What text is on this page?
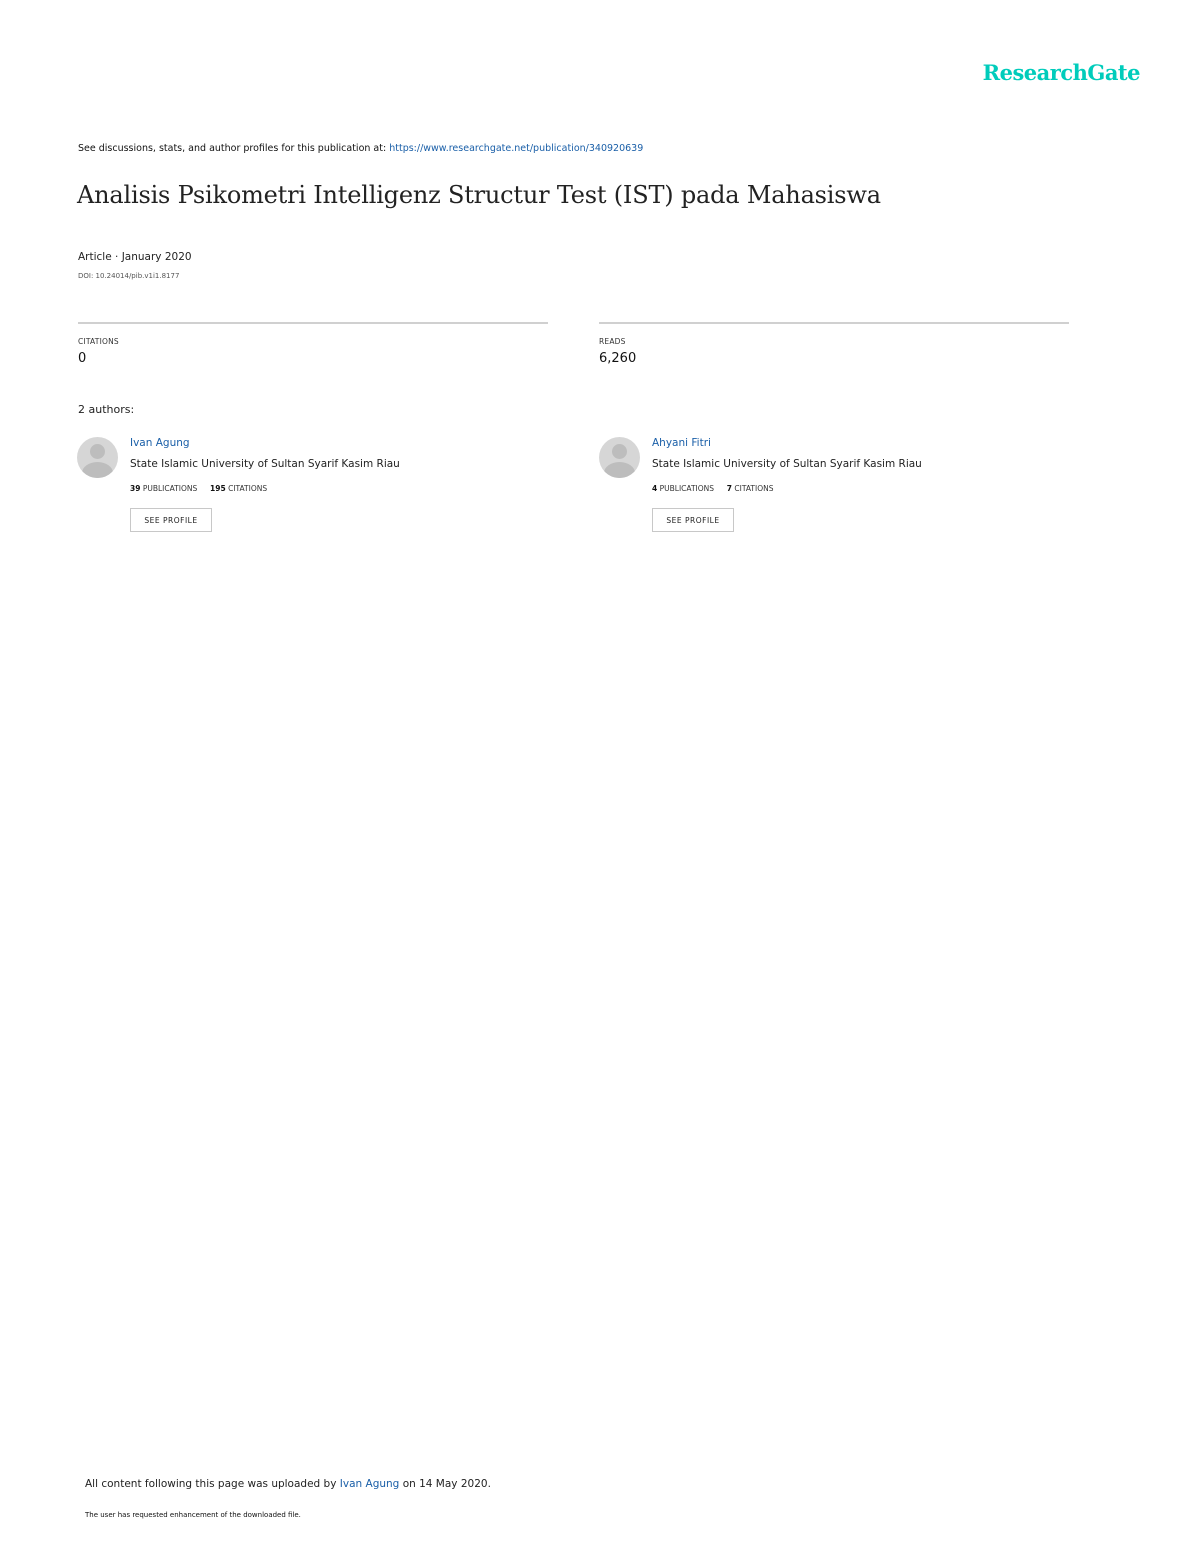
ResearchGate
See discussions, stats, and author profiles for this publication at: https://www.researchgate.net/publication/340920639
Analisis Psikometri Intelligenz Structur Test (IST) pada Mahasiswa
Article · January 2020
DOI: 10.24014/pib.v1i1.8177
CITATIONS
0
READS
6,260
2 authors:
Ivan Agung
State Islamic University of Sultan Syarif Kasim Riau
39 PUBLICATIONS 195 CITATIONS
SEE PROFILE
Ahyani Fitri
State Islamic University of Sultan Syarif Kasim Riau
4 PUBLICATIONS 7 CITATIONS
SEE PROFILE
All content following this page was uploaded by Ivan Agung on 14 May 2020.
The user has requested enhancement of the downloaded file.
